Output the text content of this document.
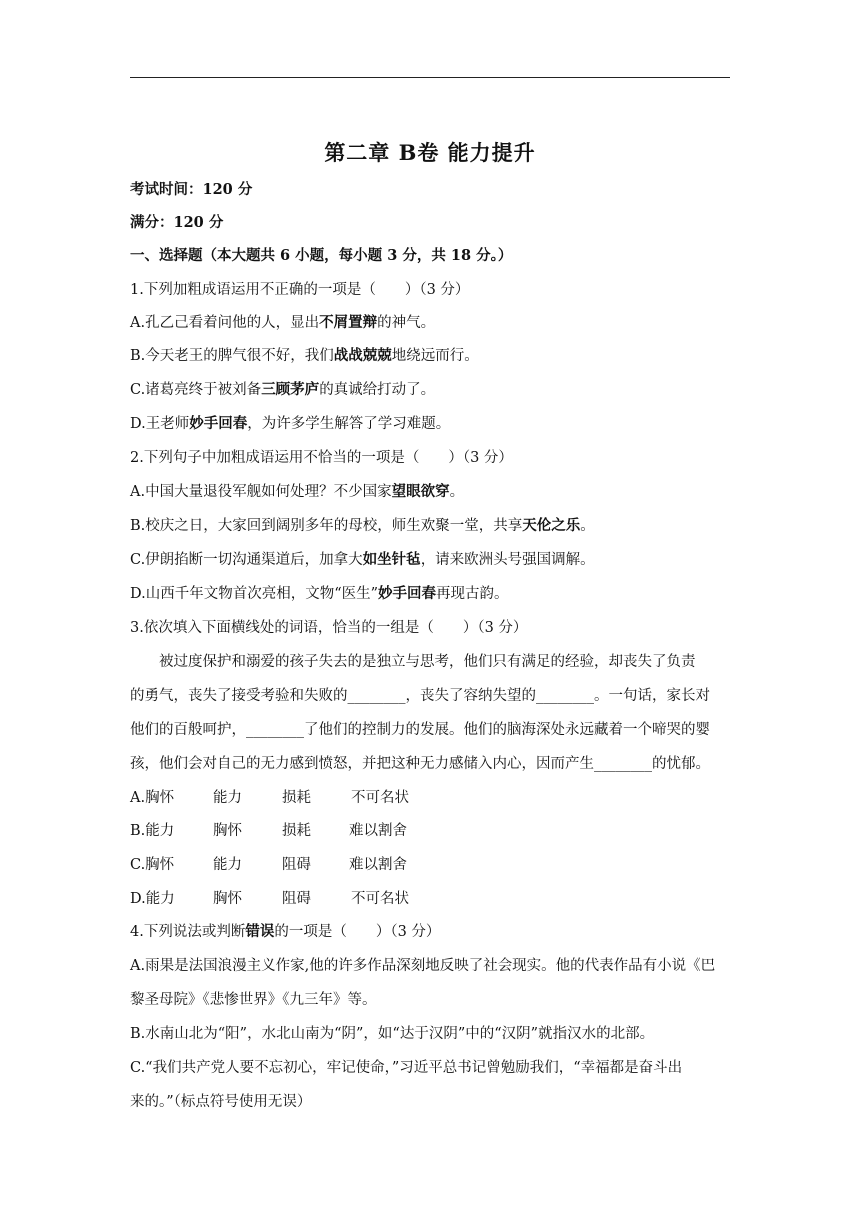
第二章 B卷 能力提升
考试时间：120 分
满分：120 分
一、选择题（本大题共 6 小题，每小题 3 分，共 18 分。）
1.下列加粗成语运用不正确的一项是（　　）（3 分）
A.孔乙己看着问他的人，显出不屑置辩的神气。
B.今天老王的脾气很不好，我们战战兢兢地绕远而行。
C.诸葛亮终于被刘备三顾茅庐的真诚给打动了。
D.王老师妙手回春，为许多学生解答了学习难题。
2.下列句子中加粗成语运用不恰当的一项是（　　）（3 分）
A.中国大量退役军舰如何处理？不少国家望眼欲穿。
B.校庆之日，大家回到阔别多年的母校，师生欢聚一堂，共享天伦之乐。
C.伊朗掐断一切沟通渠道后，加拿大如坐针毡，请来欧洲头号强国调解。
D.山西千年文物首次亮相，文物“医生”妙手回春再现古韵。
3.依次填入下面横线处的词语，恰当的一组是（　　）（3 分）
　　被过度保护和溺爱的孩子失去的是独立与思考，他们只有满足的经验，却丧失了负责
的勇气，丧失了接受考验和失败的________，丧失了容纳失望的________。一句话，家长对
他们的百般呵护，________了他们的控制力的发展。他们的脑海深处永远藏着一个啼哭的婴
孩，他们会对自己的无力感到愤怒，并把这种无力感储入内心，因而产生________的忧郁。
A.胸怀	能力	损耗	不可名状
B.能力	胸怀	损耗	难以割舍
C.胸怀	能力	阻碍	难以割舍
D.能力	胸怀	阻碍	不可名状
4.下列说法或判断错误的一项是（　　）（3 分）
A.雨果是法国浪漫主义作家,他的许多作品深刻地反映了社会现实。他的代表作品有小说《巴
黎圣母院》《悲惨世界》《九三年》等。
B.水南山北为“阳”，水北山南为“阴”，如“达于汉阴”中的“汉阴”就指汉水的北部。
C.“我们共产党人要不忘初心，牢记使命，”习近平总书记曾勉励我们，“幸福都是奋斗出
来的。”（标点符号使用无误）
